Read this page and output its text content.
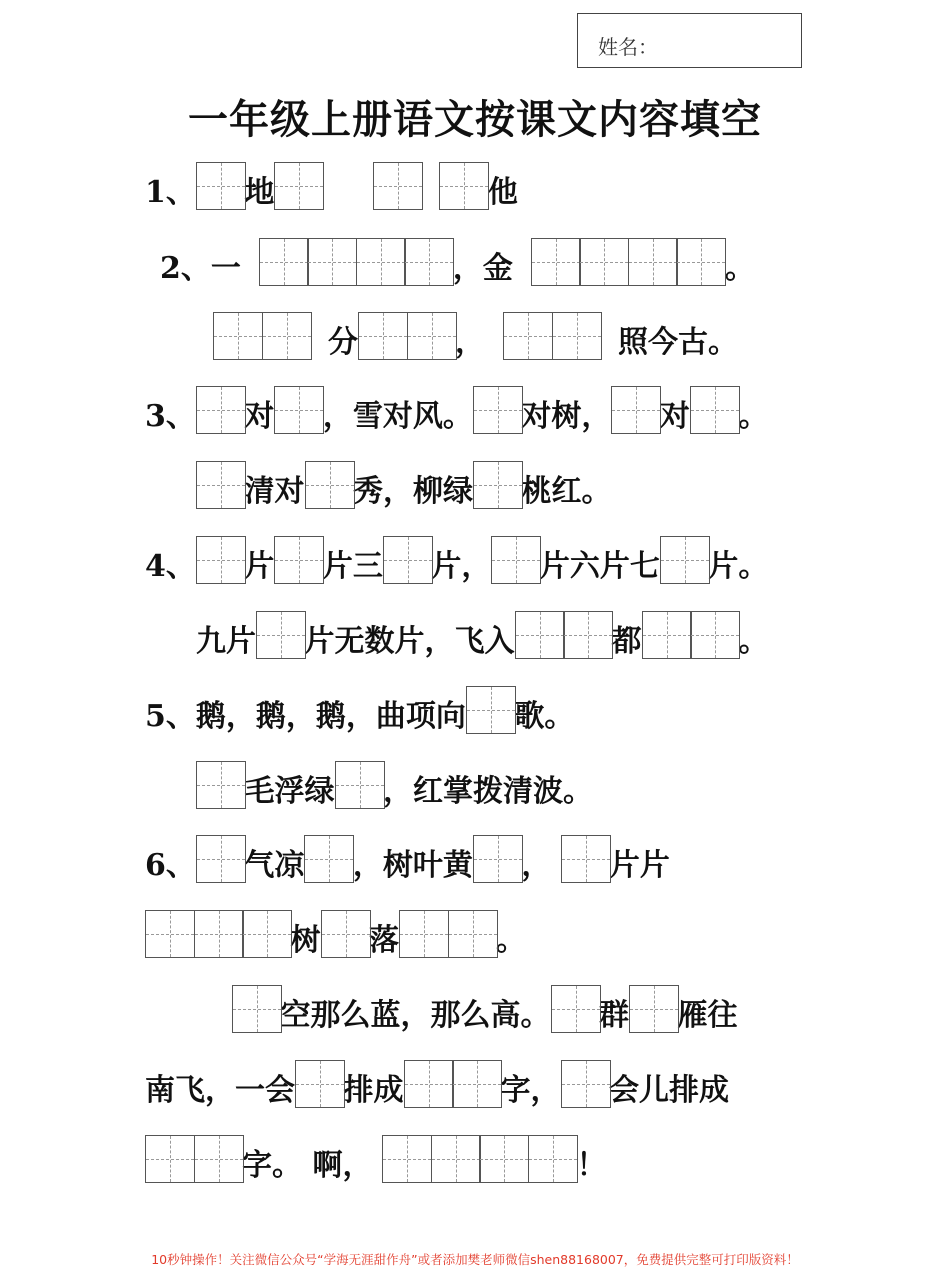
姓名：
一年级上册语文按课文内容填空
1、 地	他
2、 一	，金	。
分	，	照今古。
3、 对 ，雪对风。 对树， 对 。
清对 秀，柳绿 桃红。
4、 片 片三 片， 片六片七 片。
九片 片无数片，飞入	都	。
5、 鹅，鹅，鹅，曲项向 歌。
毛浮绿 ，红掌拨清波。
6、 气凉 ，树叶黄 ， 片片
树 落	。
空那么蓝，那么高。 群 雁往
南飞，一会 排成	字， 会儿排成
字。 啊，	！
10秒钟操作！关注微信公众号“学海无涯甜作舟”或者添加樊老师微信shen88168007，免费提供完整可打印版资料！
